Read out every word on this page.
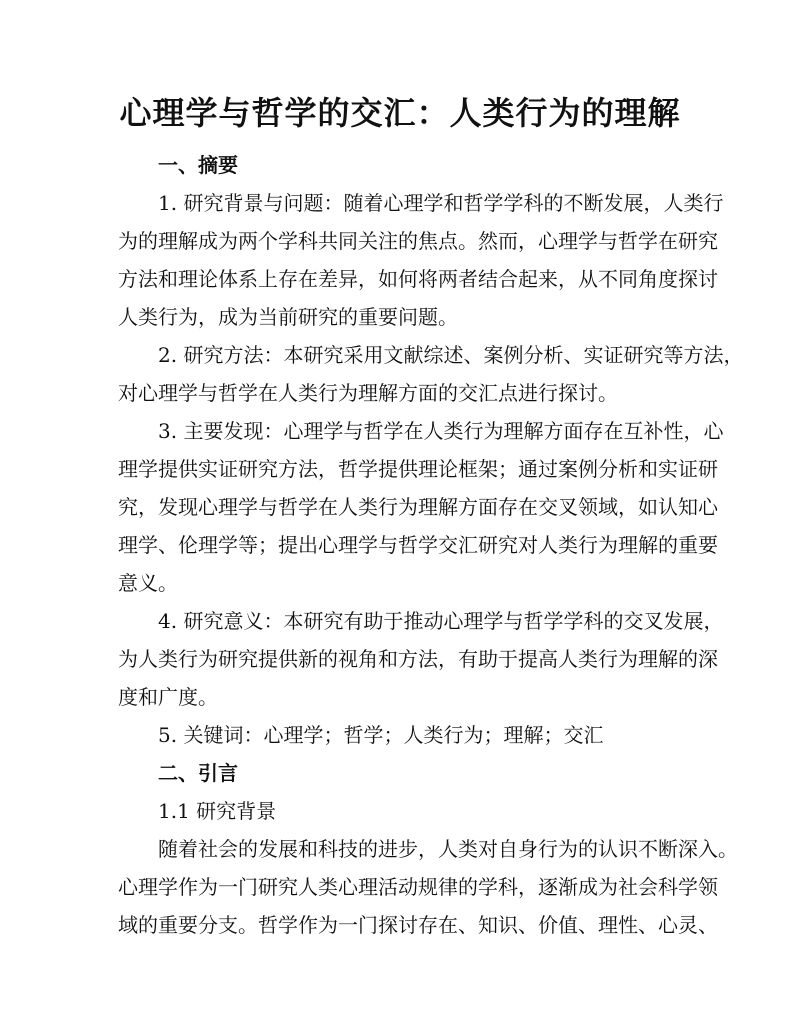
心理学与哲学的交汇：人类行为的理解

一、摘要

1. 研究背景与问题：随着心理学和哲学学科的不断发展，人类行
为的理解成为两个学科共同关注的焦点。然而，心理学与哲学在研究
方法和理论体系上存在差异，如何将两者结合起来，从不同角度探讨
人类行为，成为当前研究的重要问题。
2. 研究方法：本研究采用文献综述、案例分析、实证研究等方法，
对心理学与哲学在人类行为理解方面的交汇点进行探讨。
3. 主要发现：心理学与哲学在人类行为理解方面存在互补性，心
理学提供实证研究方法，哲学提供理论框架；通过案例分析和实证研
究，发现心理学与哲学在人类行为理解方面存在交叉领域，如认知心
理学、伦理学等；提出心理学与哲学交汇研究对人类行为理解的重要
意义。
4. 研究意义：本研究有助于推动心理学与哲学学科的交叉发展，
为人类行为研究提供新的视角和方法，有助于提高人类行为理解的深
度和广度。
5. 关键词：心理学；哲学；人类行为；理解；交汇

二、引言

1.1 研究背景

随着社会的发展和科技的进步，人类对自身行为的认识不断深入。
心理学作为一门研究人类心理活动规律的学科，逐渐成为社会科学领
域的重要分支。哲学作为一门探讨存在、知识、价值、理性、心灵、
